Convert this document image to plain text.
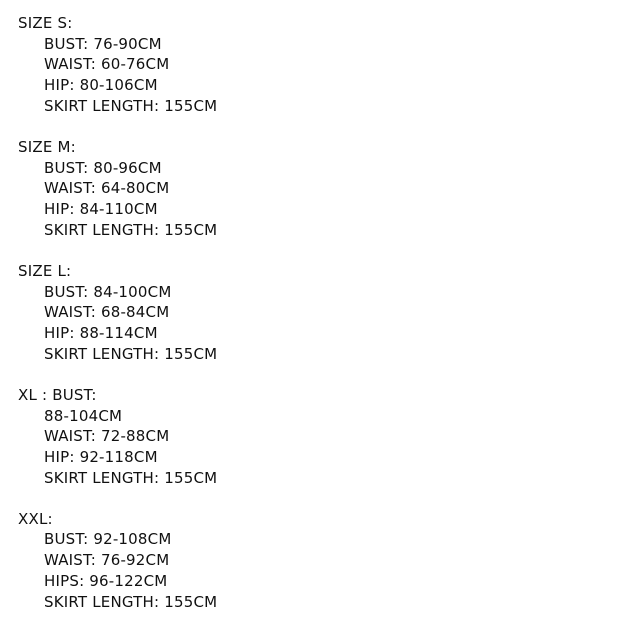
SIZE S:
BUST: 76-90CM
WAIST: 60-76CM
HIP: 80-106CM
SKIRT LENGTH: 155CM
SIZE M:
BUST: 80-96CM
WAIST: 64-80CM
HIP: 84-110CM
SKIRT LENGTH: 155CM
SIZE L:
BUST: 84-100CM
WAIST: 68-84CM
HIP: 88-114CM
SKIRT LENGTH: 155CM
XL : BUST:
88-104CM
WAIST: 72-88CM
HIP: 92-118CM
SKIRT LENGTH: 155CM
XXL:
BUST: 92-108CM
WAIST: 76-92CM
HIPS: 96-122CM
SKIRT LENGTH: 155CM
